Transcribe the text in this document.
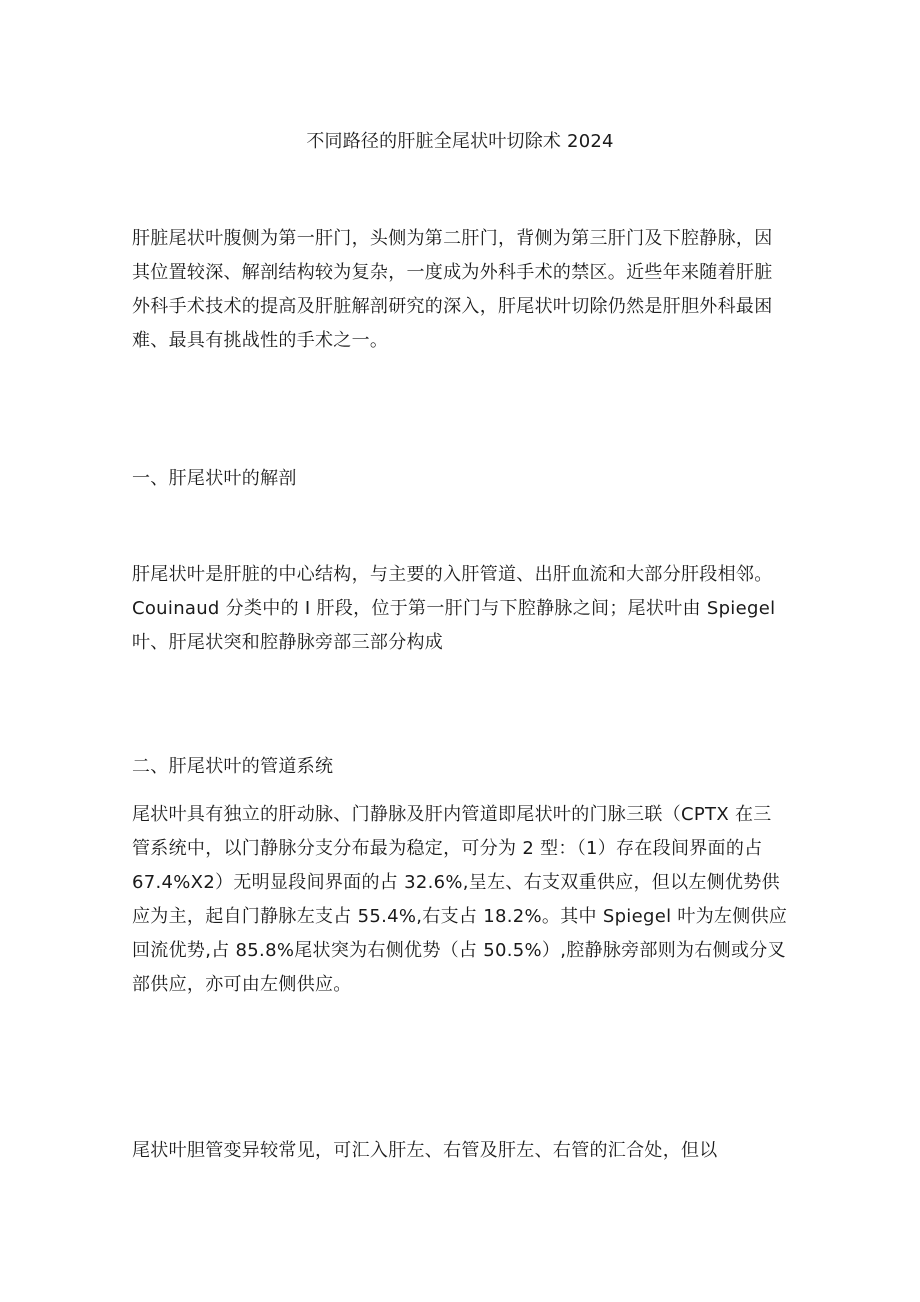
不同路径的肝脏全尾状叶切除术 2024
肝脏尾状叶腹侧为第一肝门，头侧为第二肝门，背侧为第三肝门及下腔静脉，因
其位置较深、解剖结构较为复杂，一度成为外科手术的禁区。近些年来随着肝脏
外科手术技术的提高及肝脏解剖研究的深入，肝尾状叶切除仍然是肝胆外科最困
难、最具有挑战性的手术之一。
一、肝尾状叶的解剖
肝尾状叶是肝脏的中心结构，与主要的入肝管道、出肝血流和大部分肝段相邻。
Couinaud 分类中的 I 肝段，位于第一肝门与下腔静脉之间；尾状叶由 Spiegel
叶、肝尾状突和腔静脉旁部三部分构成
二、肝尾状叶的管道系统
尾状叶具有独立的肝动脉、门静脉及肝内管道即尾状叶的门脉三联（CPTX 在三
管系统中，以门静脉分支分布最为稳定，可分为 2 型：（1）存在段间界面的占
67.4%X2）无明显段间界面的占 32.6%,呈左、右支双重供应，但以左侧优势供
应为主，起自门静脉左支占 55.4%,右支占 18.2%。其中 Spiegel 叶为左侧供应
回流优势,占 85.8%尾状突为右侧优势（占 50.5%）,腔静脉旁部则为右侧或分叉
部供应，亦可由左侧供应。
尾状叶胆管变异较常见，可汇入肝左、右管及肝左、右管的汇合处，但以
